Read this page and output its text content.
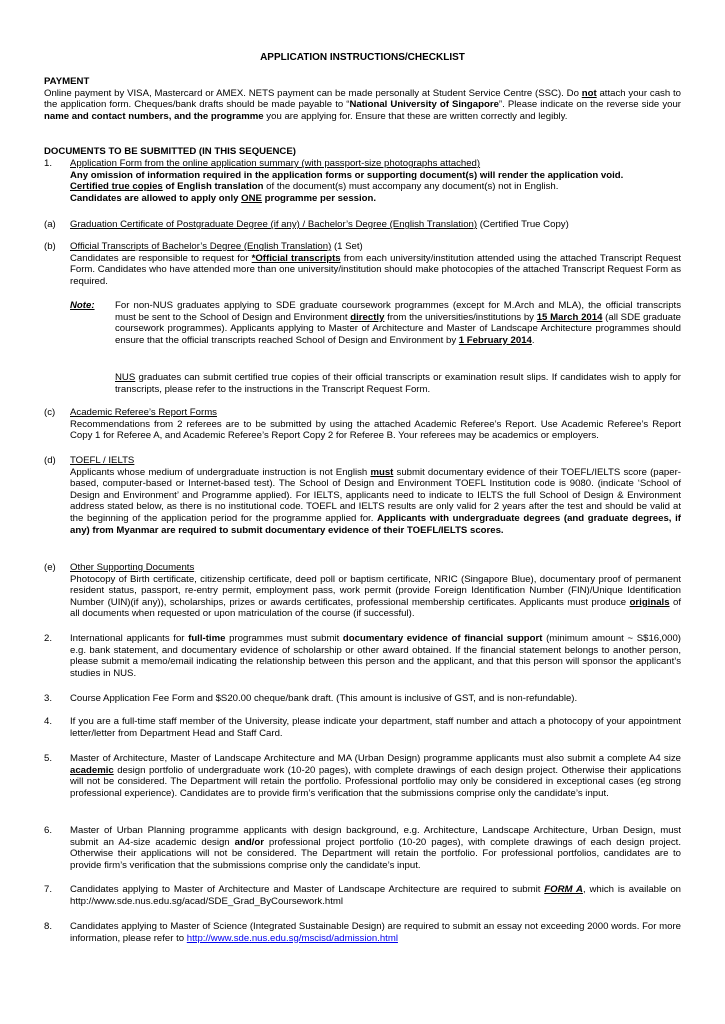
APPLICATION INSTRUCTIONS/CHECKLIST

PAYMENT

Online payment by VISA, Mastercard or AMEX. NETS payment can be made personally at Student Service Centre (SSC). Do not attach your cash to the application form. Cheques/bank drafts should be made payable to “National University of Singapore”. Please indicate on the reverse side your name and contact numbers, and the programme you are applying for. Ensure that these are written correctly and legibly.

DOCUMENTS TO BE SUBMITTED (IN THIS SEQUENCE)
1. Application Form from the online application summary (with passport-size photographs attached)

Any omission of information required in the application forms or supporting document(s) will render the application void.

Certified true copies of English translation of the document(s) must accompany any document(s) not in English.

Candidates are allowed to apply only ONE programme per session.

(a) Graduation Certificate of Postgraduate Degree (if any) / Bachelor’s Degree (English Translation) (Certified True Copy)

(b) Official Transcripts of Bachelor’s Degree (English Translation) (1 Set)

Candidates are responsible to request for *Official transcripts from each university/institution attended using the attached Transcript Request Form. Candidates who have attended more than one university/institution should make photocopies of the attached Transcript Request Form as required.

Note: For non-NUS graduates applying to SDE graduate coursework programmes (except for M.Arch and MLA), the official transcripts must be sent to the School of Design and Environment directly from the universities/institutions by 15 March 2014 (all SDE graduate coursework programmes). Applicants applying to Master of Architecture and Master of Landscape Architecture programmes should ensure that the official transcripts reached School of Design and Environment by 1 February 2014.

NUS graduates can submit certified true copies of their official transcripts or examination result slips. If candidates wish to apply for transcripts, please refer to the instructions in the Transcript Request Form.

(c) Academic Referee’s Report Forms

Recommendations from 2 referees are to be submitted by using the attached Academic Referee’s Report. Use Academic Referee’s Report Copy 1 for Referee A, and Academic Referee’s Report Copy 2 for Referee B. Your referees may be academics or employers.

(d) TOEFL / IELTS

Applicants whose medium of undergraduate instruction is not English must submit documentary evidence of their TOEFL/IELTS score (paper-based, computer-based or Internet-based test). The School of Design and Environment TOEFL Institution code is 9080. (indicate ‘School of Design and Environment’ and Programme applied). For IELTS, applicants need to indicate to IELTS the full School of Design & Environment address stated below, as there is no institutional code. TOEFL and IELTS results are only valid for 2 years after the test and should be valid at the beginning of the application period for the programme applied for. Applicants with undergraduate degrees (and graduate degrees, if any) from Myanmar are required to submit documentary evidence of their TOEFL/IELTS scores.

(e) Other Supporting Documents

Photocopy of Birth certificate, citizenship certificate, deed poll or baptism certificate, NRIC (Singapore Blue), documentary proof of permanent resident status, passport, re-entry permit, employment pass, work permit (provide Foreign Identification Number (FIN)/Unique Identification Number (UIN)(if any)), scholarships, prizes or awards certificates, professional membership certificates. Applicants must produce originals of all documents when requested or upon matriculation of the course (if successful).

2. International applicants for full-time programmes must submit documentary evidence of financial support (minimum amount ~ S$16,000) e.g. bank statement, and documentary evidence of scholarship or other award obtained. If the financial statement belongs to another person, please submit a memo/email indicating the relationship between this person and the applicant, and that this person will sponsor the applicant’s studies in NUS.

3. Course Application Fee Form and $S20.00 cheque/bank draft. (This amount is inclusive of GST, and is non-refundable).
4. If you are a full-time staff member of the University, please indicate your department, staff number and attach a photocopy of your appointment letter/letter from Department Head and Staff Card.
5. Master of Architecture, Master of Landscape Architecture and MA (Urban Design) programme applicants must also submit a complete A4 size academic design portfolio of undergraduate work (10-20 pages), with complete drawings of each design project. Otherwise their applications will not be considered. The Department will retain the portfolio. Professional portfolio may only be considered in exceptional cases (eg strong professional experience). Candidates are to provide firm’s verification that the submissions comprise only the candidate’s input.

6. Master of Urban Planning programme applicants with design background, e.g. Architecture, Landscape Architecture, Urban Design, must submit an A4-size academic design and/or professional project portfolio (10-20 pages), with complete drawings of each design project. Otherwise their applications will not be considered. The Department will retain the portfolio. For professional portfolios, candidates are to provide firm’s verification that the submissions comprise only the candidate’s input.

7. Candidates applying to Master of Architecture and Master of Landscape Architecture are required to submit FORM A, which is available on http://www.sde.nus.edu.sg/acad/SDE_Grad_ByCoursework.html

8. Candidates applying to Master of Science (Integrated Sustainable Design) are required to submit an essay not exceeding 2000 words. For more information, please refer to http://www.sde.nus.edu.sg/mscisd/admission.html
